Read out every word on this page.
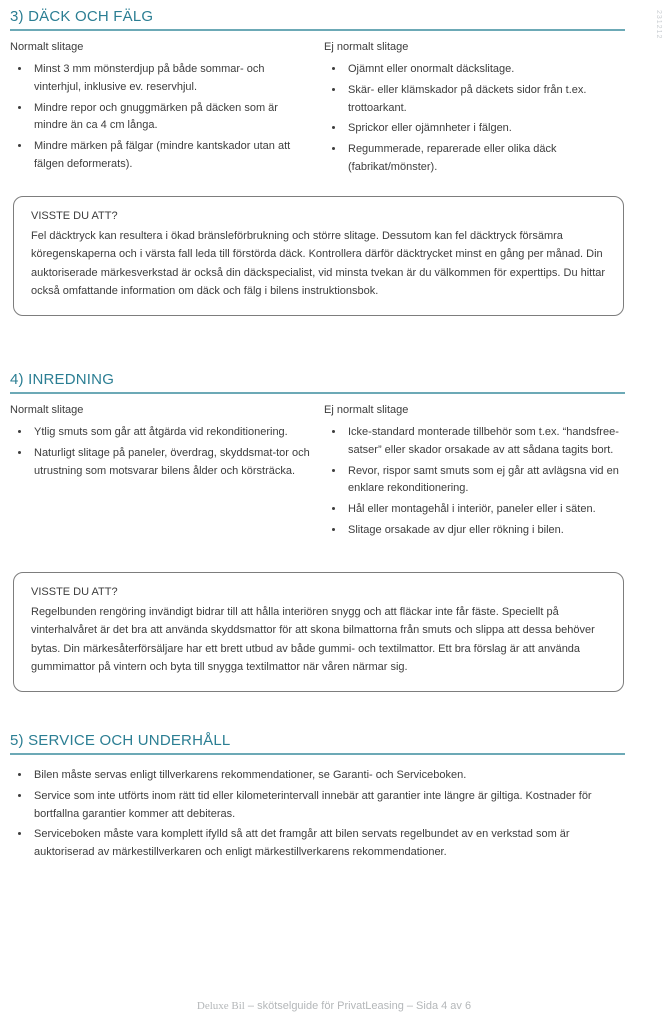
231212
3) DÄCK OCH FÄLG
Normalt slitage
• Minst 3 mm mönsterdjup på både sommar- och vinterhjul, inklusive ev. reservhjul.
• Mindre repor och gnuggmärken på däcken som är mindre än ca 4 cm långa.
• Mindre märken på fälgar (mindre kantskador utan att fälgen deformerats).
Ej normalt slitage
• Ojämnt eller onormalt däckslitage.
• Skär- eller klämskador på däckets sidor från t.ex. trottoarkant.
• Sprickor eller ojämnheter i fälgen.
• Regummerade, reparerade eller olika däck (fabrikat/mönster).
VISSTE DU ATT?
Fel däcktryck kan resultera i ökad bränsleförbrukning och större slitage. Dessutom kan fel däcktryck försämra köregenskaperna och i värsta fall leda till förstörda däck. Kontrollera därför däcktrycket minst en gång per månad. Din auktoriserade märkesverkstad är också din däckspecialist, vid minsta tvekan är du välkommen för experttips. Du hittar också omfattande information om däck och fälg i bilens instruktionsbok.
4) INREDNING
Normalt slitage
• Ytlig smuts som går att åtgärda vid rekonditionering.
• Naturligt slitage på paneler, överdrag, skyddsmat-tor och utrustning som motsvarar bilens ålder och körsträcka.
Ej normalt slitage
• Icke-standard monterade tillbehör som t.ex. “handsfree-satser” eller skador orsakade av att sådana tagits bort.
• Revor, rispor samt smuts som ej går att avlägsna vid en enklare rekonditionering.
• Hål eller montagehål i interiör, paneler eller i säten.
• Slitage orsakade av djur eller rökning i bilen.
VISSTE DU ATT?
Regelbunden rengöring invändigt bidrar till att hålla interiören snygg och att fläckar inte får fäste. Speciellt på vinterhalvåret är det bra att använda skyddsmattor för att skona bilmattorna från smuts och slippa att dessa behöver bytas. Din märkesåterförsäljare har ett brett utbud av både gummi- och textilmattor. Ett bra förslag är att använda gummimattor på vintern och byta till snygga textilmattor när våren närmar sig.
5) SERVICE OCH UNDERHÅLL
• Bilen måste servas enligt tillverkarens rekommendationer, se Garanti- och Serviceboken.
• Service som inte utförts inom rätt tid eller kilometerintervall innebär att garantier inte längre är giltiga. Kostnader för bortfallna garantier kommer att debiteras.
• Serviceboken måste vara komplett ifylld så att det framgår att bilen servats regelbundet av en verkstad som är auktoriserad av märkestillverkaren och enligt märkestillverkarens rekommendationer.
Deluxe Bil – skötselguide för PrivatLeasing – Sida 4 av 6
